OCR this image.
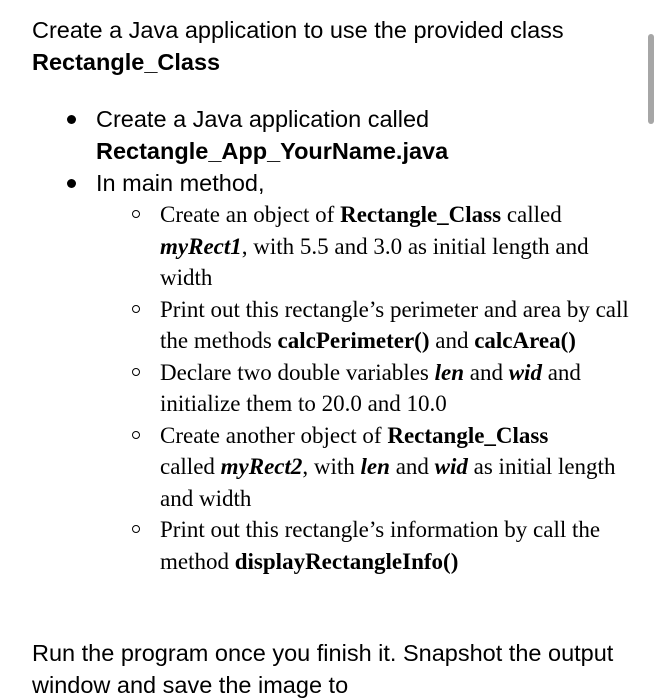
Create a Java application to use the provided class
Rectangle_Class
Create a Java application called
Rectangle_App_YourName.java
In main method,
Create an object of Rectangle_Class called myRect1, with 5.5 and 3.0 as initial length and width
Print out this rectangle’s perimeter and area by call the methods calcPerimeter() and calcArea()
Declare two double variables len and wid and initialize them to 20.0 and 10.0
Create another object of Rectangle_Class
called myRect2, with len and wid as initial length and width
Print out this rectangle’s information by call the method displayRectangleInfo()
Run the program once you finish it. Snapshot the output window and save the image to
